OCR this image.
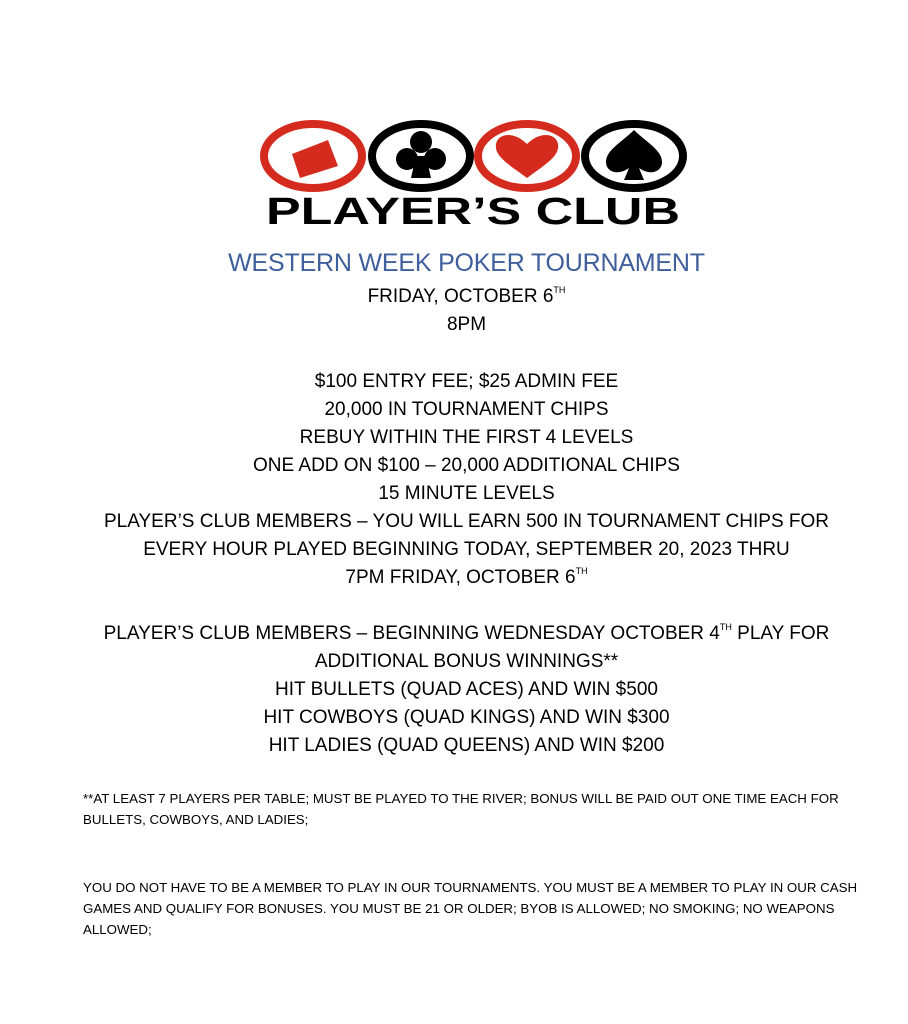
PLAYER’S CLUB
WESTERN WEEK POKER TOURNAMENT

FRIDAY, OCTOBER 6TH

8PM

$100 ENTRY FEE; $25 ADMIN FEE

20,000 IN TOURNAMENT CHIPS

REBUY WITHIN THE FIRST 4 LEVELS

ONE ADD ON $100 – 20,000 ADDITIONAL CHIPS

15 MINUTE LEVELS

PLAYER’S CLUB MEMBERS – YOU WILL EARN 500 IN TOURNAMENT CHIPS FOR

EVERY HOUR PLAYED BEGINNING TODAY, SEPTEMBER 20, 2023 THRU

7PM FRIDAY, OCTOBER 6TH

PLAYER’S CLUB MEMBERS – BEGINNING WEDNESDAY OCTOBER 4TH PLAY FOR

ADDITIONAL BONUS WINNINGS**

HIT BULLETS (QUAD ACES) AND WIN $500

HIT COWBOYS (QUAD KINGS) AND WIN $300

HIT LADIES (QUAD QUEENS) AND WIN $200

**AT LEAST 7 PLAYERS PER TABLE; MUST BE PLAYED TO THE RIVER; BONUS WILL BE PAID OUT ONE TIME EACH FOR BULLETS, COWBOYS, AND LADIES;

YOU DO NOT HAVE TO BE A MEMBER TO PLAY IN OUR TOURNAMENTS. YOU MUST BE A MEMBER TO PLAY IN OUR CASH GAMES AND QUALIFY FOR BONUSES. YOU MUST BE 21 OR OLDER; BYOB IS ALLOWED; NO SMOKING; NO WEAPONS ALLOWED;
